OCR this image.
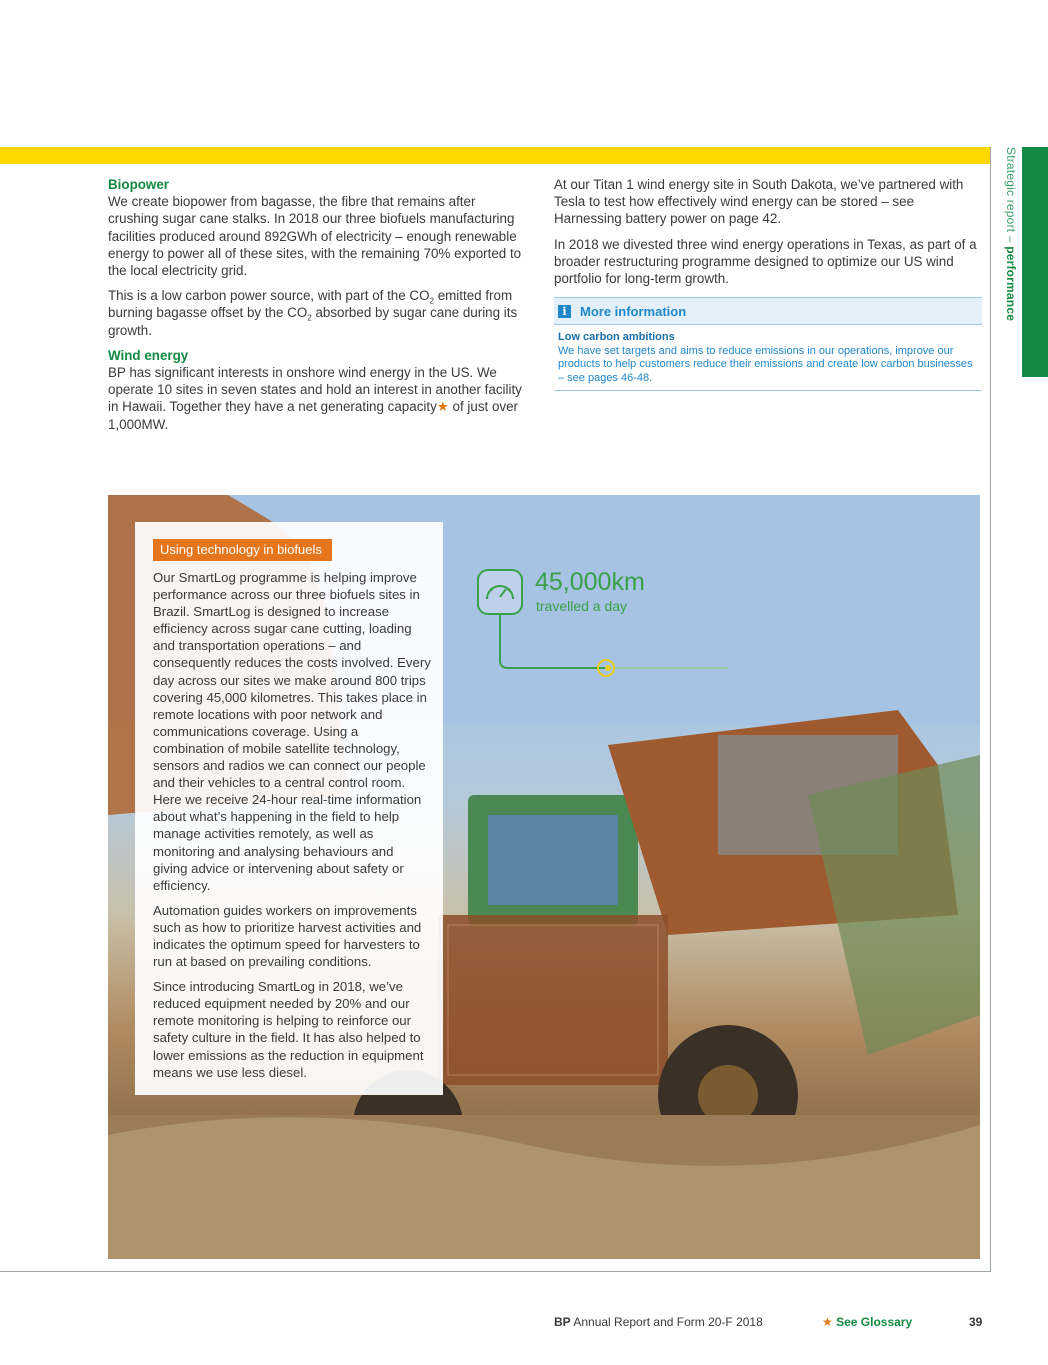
Strategic report – performance

Biopower

We create biopower from bagasse, the fibre that remains after crushing sugar cane stalks. In 2018 our three biofuels manufacturing facilities produced around 892GWh of electricity – enough renewable energy to power all of these sites, with the remaining 70% exported to the local electricity grid.

This is a low carbon power source, with part of the $CO_2$ emitted from burning bagasse offset by the $CO_2$ absorbed by sugar cane during its growth.

Wind energy

BP has significant interests in onshore wind energy in the US. We operate 10 sites in seven states and hold an interest in another facility in Hawaii. Together they have a net generating capacity★ of just over 1,000MW.

At our Titan 1 wind energy site in South Dakota, we’ve partnered with Tesla to test how effectively wind energy can be stored – see Harnessing battery power on page 42.

In 2018 we divested three wind energy operations in Texas, as part of a broader restructuring programme designed to optimize our US wind portfolio for long-term growth.

i	More information
Low carbon ambitions
We have set targets and aims to reduce emissions in our operations, improve our products to help customers reduce their emissions and create low carbon businesses – see pages 46-48.
45,000km
travelled a day
Using technology in biofuels

Our SmartLog programme is helping improve performance across our three biofuels sites in Brazil. SmartLog is designed to increase efficiency across sugar cane cutting, loading and transportation operations – and consequently reduces the costs involved. Every day across our sites we make around 800 trips covering 45,000 kilometres. This takes place in remote locations with poor network and communications coverage. Using a combination of mobile satellite technology, sensors and radios we can connect our people and their vehicles to a central control room. Here we receive 24-hour real-time information about what’s happening in the field to help manage activities remotely, as well as monitoring and analysing behaviours and giving advice or intervening about safety or efficiency.

Automation guides workers on improvements such as how to prioritize harvest activities and indicates the optimum speed for harvesters to run at based on prevailing conditions.

Since introducing SmartLog in 2018, we’ve reduced equipment needed by 20% and our remote monitoring is helping to reinforce our safety culture in the field. It has also helped to lower emissions as the reduction in equipment means we use less diesel.

BP Annual Report and Form 20-F 2018	★ See Glossary	39
